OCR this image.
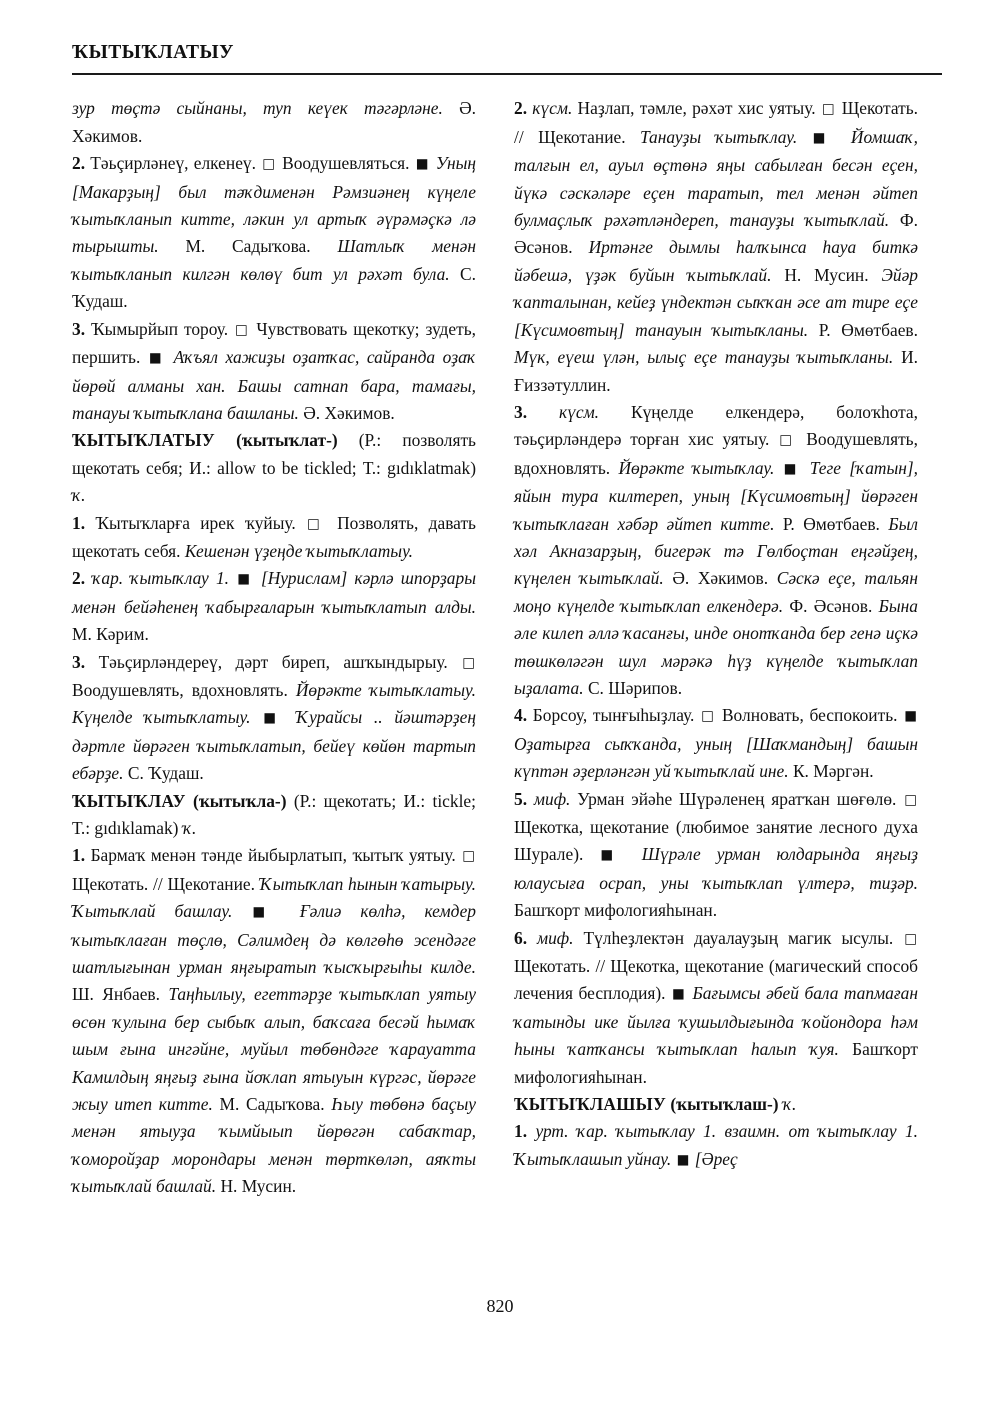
ҠЫТЫҠЛАТЫУ

зур төçтә сыйнаны, туп кеүек тәгәрләне. Ә. Хәкимов.

2. Тәьçирләнеү, елкенеү. □ Воодушевляться. ■ Уның [Макарҙың] был тәҡдименән Рәмзиәнең күңеле ҡытыҡланып китте, ләкин ул артыҡ әүрәмәçкә лә тырышты. М. Садыҡова. Шатлыҡ менән ҡытыҡланып килгән көлөү бит ул рәхәт була. С. Ҡудаш.

3. Ҡымырйып тороу. □ Чувствовать щекотку; зудеть, першить. ■ Аҡъял хажиҙы оҙатҡас, сайранда оҙаҡ йөрөй алманы хан. Башы сатнап бара, тамағы, танауы ҡытыҡлана башланы. Ә. Хәкимов.

ҠЫТЫҠЛАТЫУ (ҡытыҡлат-) (Р.: позволять щекотать себя; И.: allow to be tickled; Т.: gıdıklatmak) ҡ.

1. Ҡытыҡларға ирек ҡуйыу. □ Позволять, давать щекотать себя. Кешенән үҙеңде ҡытыҡлатыу.

2. ҡар. ҡытыҡлау 1. ■ [Нурислам] кәрлә шпорҙары менән бейәһенең ҡабырғаларын ҡытыҡлатып алды. М. Кәрим.

3. Тәьçирләндереү, дәрт биреп, ашҡындырыу. □ Воодушевлять, вдохновлять. Йөрәкте ҡытыҡлатыу. Күңелде ҡытыҡлатыу. ■ Ҡурайсы .. йәштәрҙең дәртле йөрәген ҡытыҡлатып, бейеү көйөн тартып ебәрҙе. С. Ҡудаш.

ҠЫТЫҠЛАУ (ҡытыҡла-) (Р.: щекотать; И.: tickle; Т.: gıdıklamak) ҡ.

1. Бармаҡ менән тәнде йыбырлатып, ҡытыҡ уятыу. □ Щекотать. // Щекотание. Ҡытыҡлап һынын ҡатырыу. Ҡытыҡлай башлау. ■ Ғәлиә көлһә, кемдер ҡытыҡлаған төçлө, Сәлимдең дә көлгөһө эсендәге шатлығынан урман яңғыратып ҡысҡырғыһы килде. Ш. Янбаев. Таңһылыу, егеттәрҙе ҡытыҡлап уятыу өсөн ҡулына бер сыбыҡ алып, баҡсаға бесәй һымаҡ шым ғына ингәйне, муйыл төбөндәге ҡарауатта Камилдың яңғыҙ ғына йоҡлап ятыуын күргәс, йөрәге жыу итеп китте. М. Садыҡова. Һыу төбөнә баçыу менән ятыуҙа ҡымйыып йөрөгән сабаҡтар, ҡоморойҙар морондары менән төрткөләп, аяҡты ҡытыҡлай башлай. Н. Мусин.

2. күсм. Наҙлап, тәмле, рәхәт хис уятыу. □ Щекотать. // Щекотание. Танауҙы ҡытыҡлау. ■ Йомшаҡ, талғын ел, ауыл өçтөнә яңы сабылған бесән еçен, йүкә сәскәләре еçен таратып, тел менән әйтеп булмаçлыҡ рәхәтләндереп, танауҙы ҡытыҡлай. Ф. Әсәнов. Иртәнге дымлы һалҡынса һауа биткә йәбешә, үҙәк буйын ҡытыҡлай. Н. Мусин. Эйәр ҡапталынан, кейеҙ үндектән сыҡҡан әсе ат тире еçе [Күсимовтың] танауын ҡытыҡланы. Р. Өмөтбаев. Мүк, еүеш үлән, ылыç еçе танауҙы ҡытыҡланы. И. Ғиззәтуллин.

3. күсм. Күңелде елкендерә, болоҡһота, тәьçирләндерә торған хис уятыу. □ Воодушевлять, вдохновлять. Йөрәкте ҡытыҡлау. ■ Теге [ҡатын], яйын тура килтереп, уның [Күсимовтың] йөрәген ҡытыҡлаған хәбәр әйтеп китте. Р. Өмөтбаев. Был хәл Акназарҙың, бигерәк тә Гөлбоçтан еңгәйҙең, күңелен ҡытыҡлай. Ә. Хәкимов. Сәскә еçе, тальян моңо күңелде ҡытыҡлап елкендерә. Ф. Әсәнов. Бына әле килеп әллә ҡасанғы, инде онотҡанда бер генә иçкә төшкөләгән шул мәрәкә һүҙ күңелде ҡытыҡлап ыҙалата. С. Шәрипов.

4. Борсоу, тынғыһыҙлау. □ Волновать, беспокоить. ■ Оҙатырға сыҡҡанда, уның [Шаҡмандың] башын күптән әҙерләнгән уй ҡытыҡлай ине. К. Мәргән.

5. миф. Урман эйәһе Шүрәленең яратҡан шөғөлө. □ Щекотка, щекотание (любимое занятие лесного духа Шурале). ■ Шүрәле урман юлдарында яңғыҙ юлаусыға осрап, уны ҡытыҡлап үлтерә, тиҙәр. Башҡорт мифологияһынан.

6. миф. Түлһеҙлектән дауалауҙың магик ысулы. □ Щекотать. // Щекотка, щекотание (магический способ лечения бесплодия). ■ Бағымсы әбей бала тапмаған ҡатынды ике йылға ҡушылдығында ҡойондора һәм һыны ҡатҡансы ҡытыҡлап һалып ҡуя. Башҡорт мифологияһынан.

ҠЫТЫҠЛАШЫУ (ҡытыҡлаш-) ҡ.

1. урт. ҡар. ҡытыҡлау 1. взаимн. от ҡытыҡлау 1. Ҡытыҡлашып уйнау. ■ [Әреç

820
